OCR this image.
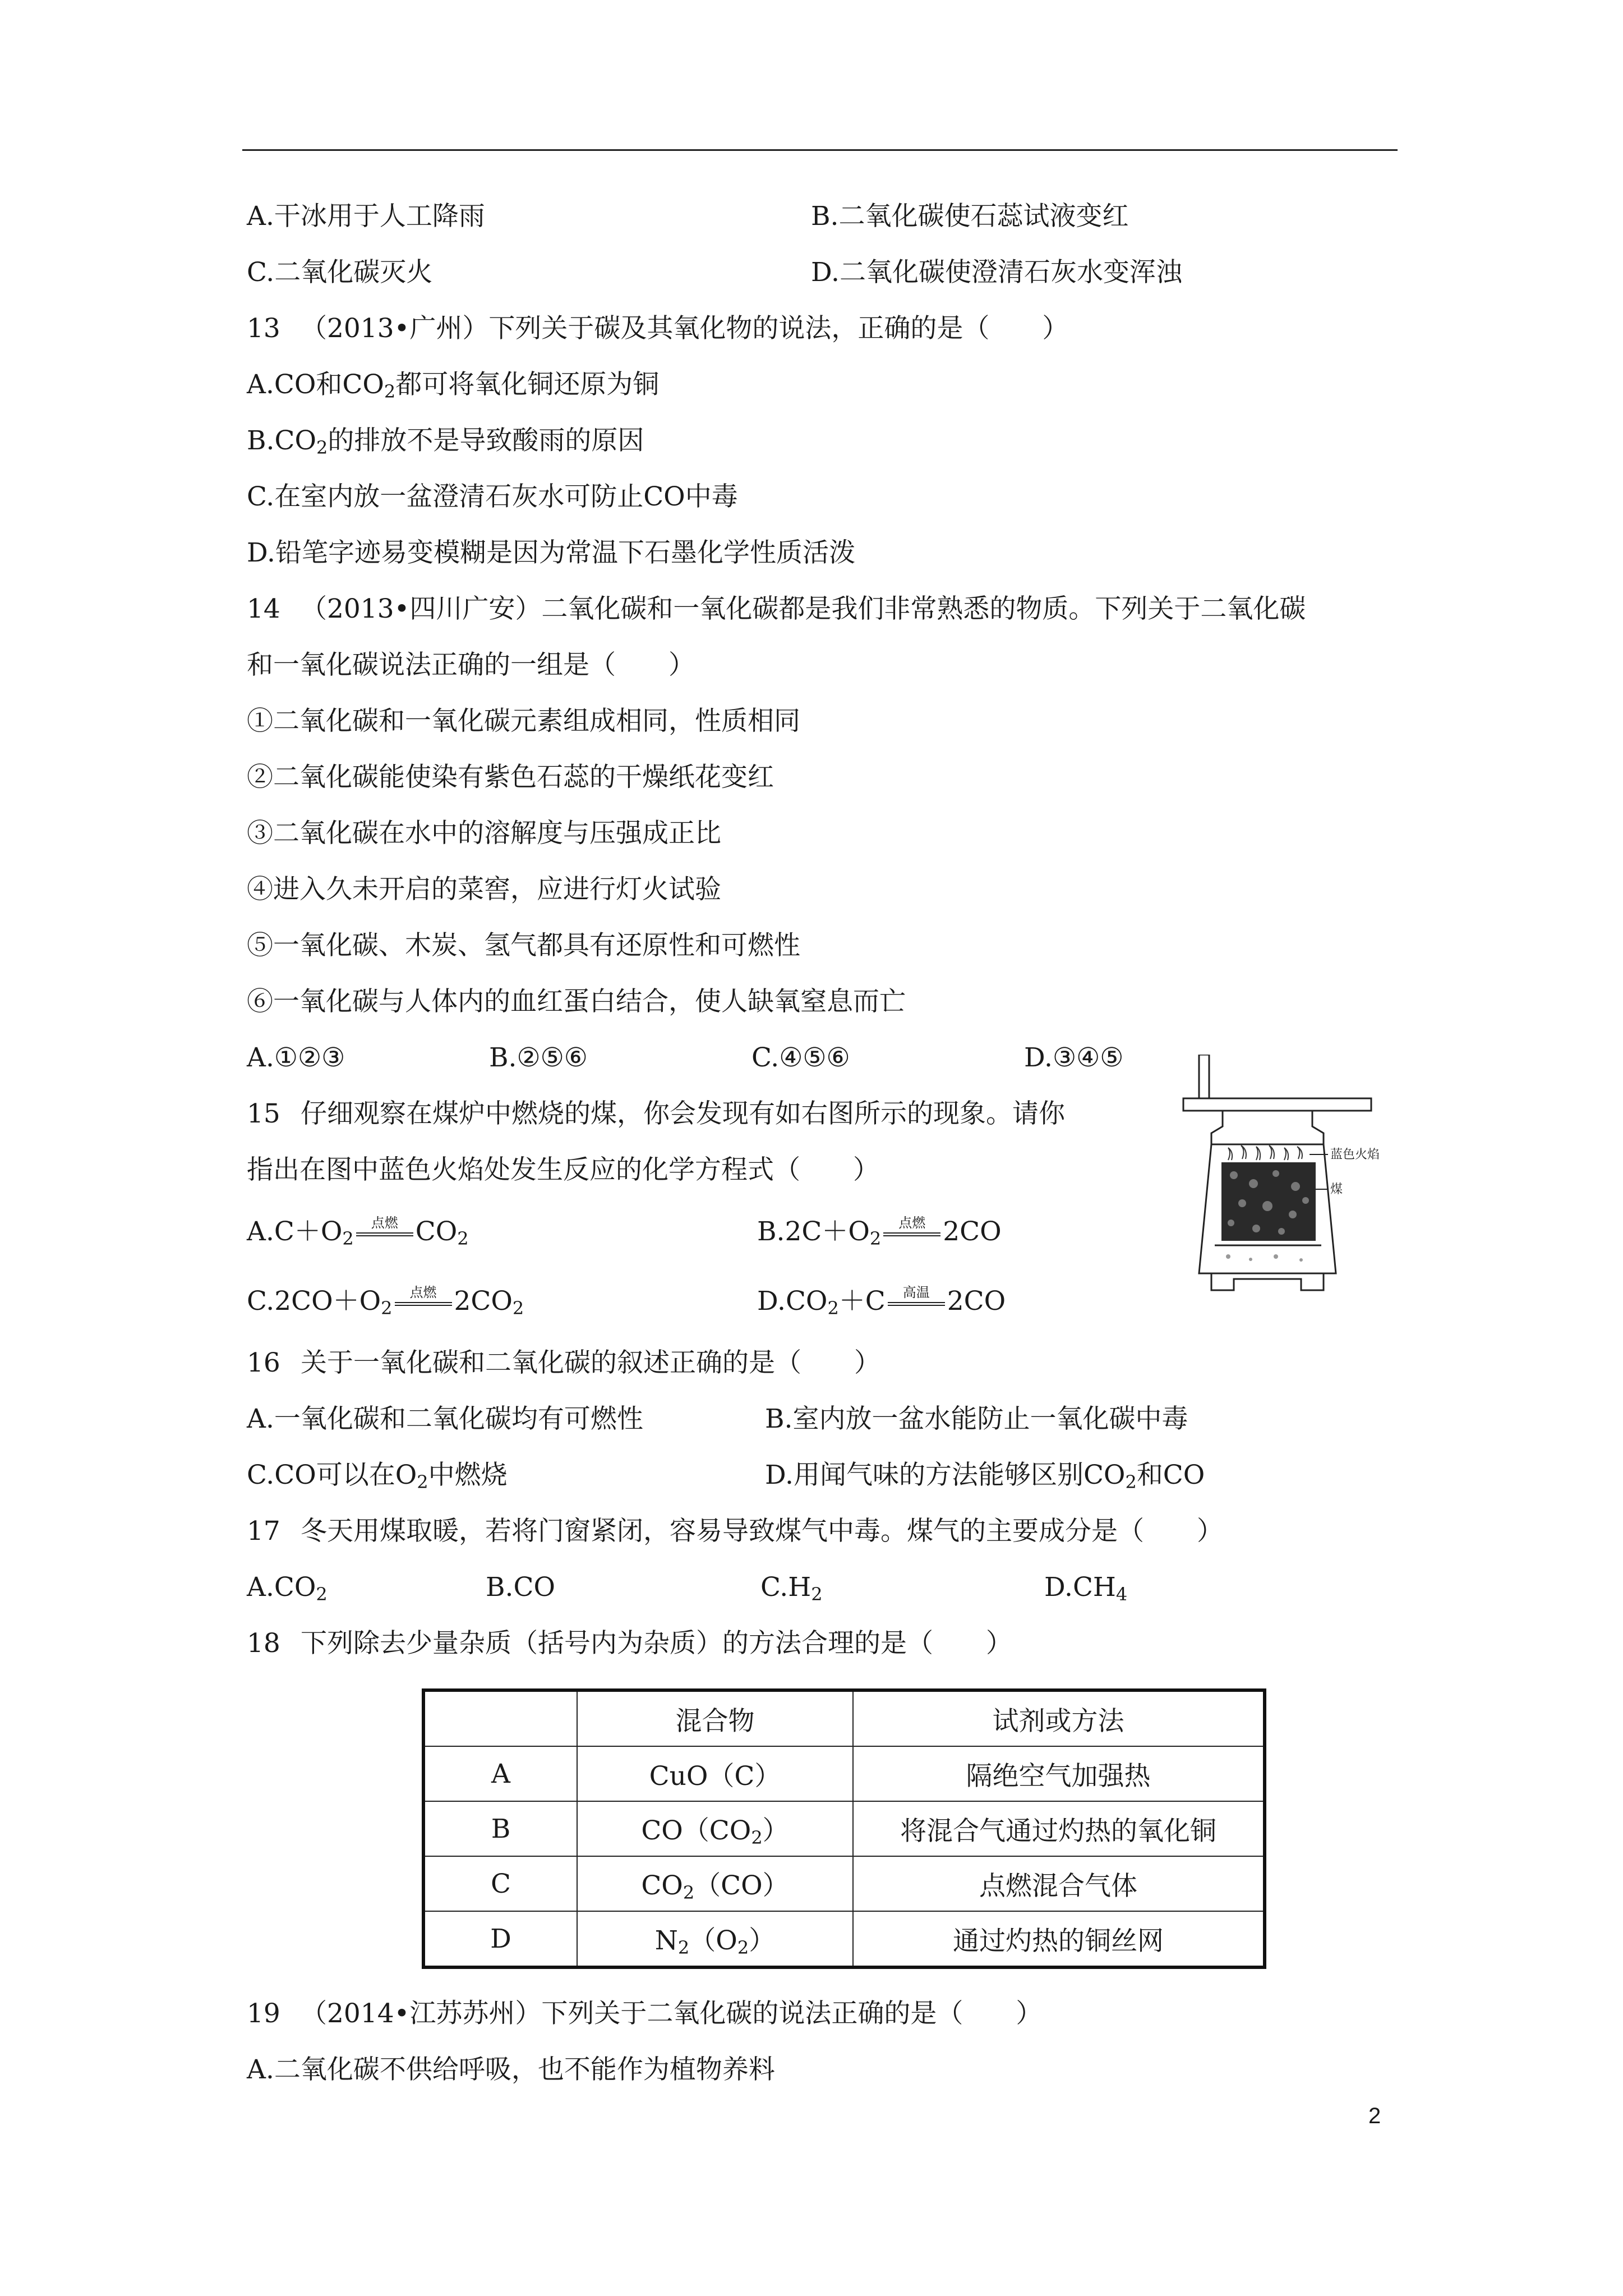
A.干冰用于人工降雨	B.二氧化碳使石蕊试液变红
C.二氧化碳灭火	D.二氧化碳使澄清石灰水变浑浊
13 （2013•广州）下列关于碳及其氧化物的说法，正确的是（　　）
A.CO和$CO_2$都可将氧化铜还原为铜
$B.CO_2$的排放不是导致酸雨的原因
C.在室内放一盆澄清石灰水可防止CO中毒
D.铅笔字迹易变模糊是因为常温下石墨化学性质活泼
14 （2013•四川广安）二氧化碳和一氧化碳都是我们非常熟悉的物质。下列关于二氧化碳
和一氧化碳说法正确的一组是（　　）
①二氧化碳和一氧化碳元素组成相同，性质相同
②二氧化碳能使染有紫色石蕊的干燥纸花变红
③二氧化碳在水中的溶解度与压强成正比
④进入久未开启的菜窖，应进行灯火试验
⑤一氧化碳、木炭、氢气都具有还原性和可燃性
⑥一氧化碳与人体内的血红蛋白结合，使人缺氧窒息而亡
A.①②③	B.②⑤⑥	C.④⑤⑥	D.③④⑤
15 仔细观察在煤炉中燃烧的煤，你会发现有如右图所示的现象。请你
指出在图中蓝色火焰处发生反应的化学方程式（　　）
$A.C+O_2$
点燃 $CO_2$	$B.2C+O_2$
点燃 2CO
$C.2CO+O_2$
点燃 $2CO_2$	$D.CO_2+C$	高温 2CO
蓝色火焰
煤
16 关于一氧化碳和二氧化碳的叙述正确的是（　　）
A.一氧化碳和二氧化碳均有可燃性	B.室内放一盆水能防止一氧化碳中毒
C.CO可以在$O_2$中燃烧	D.用闻气味的方法能够区别$CO_2$和CO
17 冬天用煤取暖，若将门窗紧闭，容易导致煤气中毒。煤气的主要成分是（　　）
$A.CO_2$	B.CO	$C.H_2$	$D.CH_4$
18 下列除去少量杂质（括号内为杂质）的方法合理的是（　　）
	混合物	试剂或方法
A	CuO（C）	隔绝空气加强热
B	$CO(CO_2)$	将混合气通过灼热的氧化铜
C	$CO_2(CO)$	点燃混合气体
D	$N_2(O_2)$	通过灼热的铜丝网
19 （2014•江苏苏州）下列关于二氧化碳的说法正确的是（　　）
A.二氧化碳不供给呼吸，也不能作为植物养料
2
